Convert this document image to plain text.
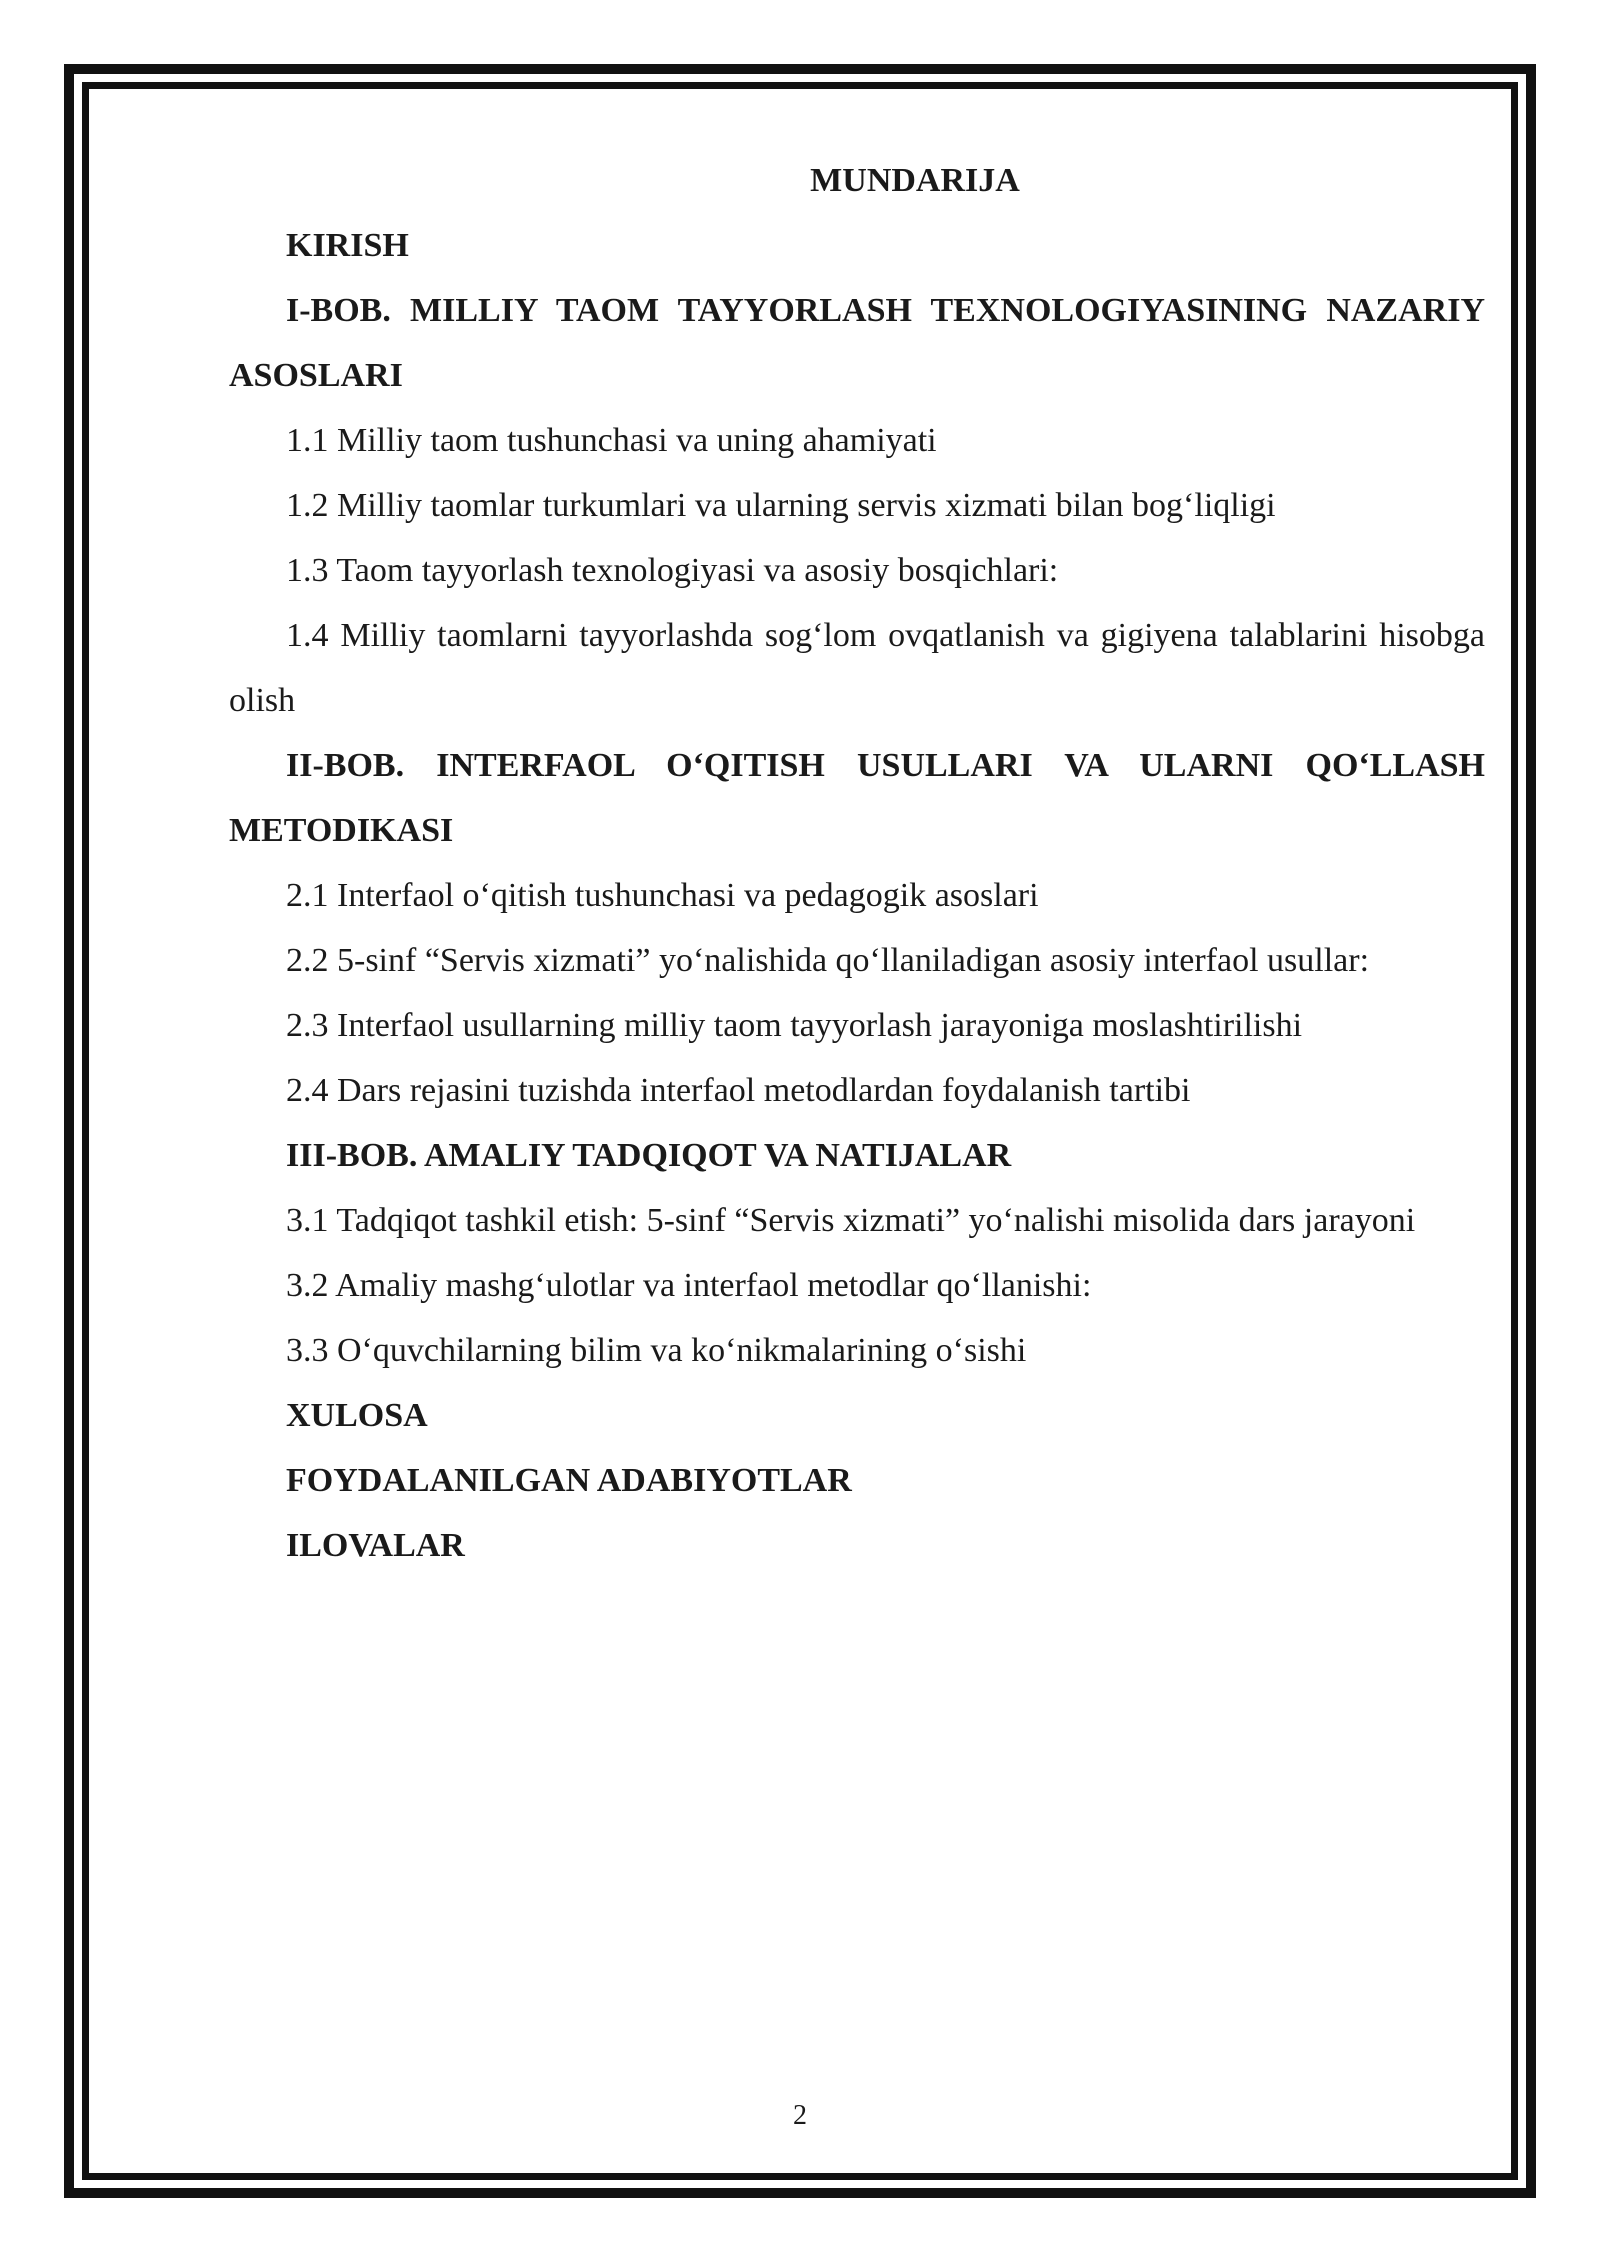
MUNDARIJA

KIRISH

I-BOB. MILLIY TAOM TAYYORLASH TEXNOLOGIYASINING NAZARIY ASOSLARI

1.1 Milliy taom tushunchasi va uning ahamiyati

1.2 Milliy taomlar turkumlari va ularning servis xizmati bilan bog‘liqligi

1.3 Taom tayyorlash texnologiyasi va asosiy bosqichlari:

1.4 Milliy taomlarni tayyorlashda sog‘lom ovqatlanish va gigiyena talablarini hisobga olish

II-BOB. INTERFAOL O‘QITISH USULLARI VA ULARNI QO‘LLASH METODIKASI

2.1 Interfaol o‘qitish tushunchasi va pedagogik asoslari

2.2 5-sinf “Servis xizmati” yo‘nalishida qo‘llaniladigan asosiy interfaol usullar:

2.3 Interfaol usullarning milliy taom tayyorlash jarayoniga moslashtirilishi

2.4 Dars rejasini tuzishda interfaol metodlardan foydalanish tartibi

III-BOB. AMALIY TADQIQOT VA NATIJALAR

3.1 Tadqiqot tashkil etish: 5-sinf “Servis xizmati” yo‘nalishi misolida dars jarayoni

3.2 Amaliy mashg‘ulotlar va interfaol metodlar qo‘llanishi:

3.3 O‘quvchilarning bilim va ko‘nikmalarining o‘sishi

XULOSA

FOYDALANILGAN ADABIYOTLAR

ILOVALAR

2
